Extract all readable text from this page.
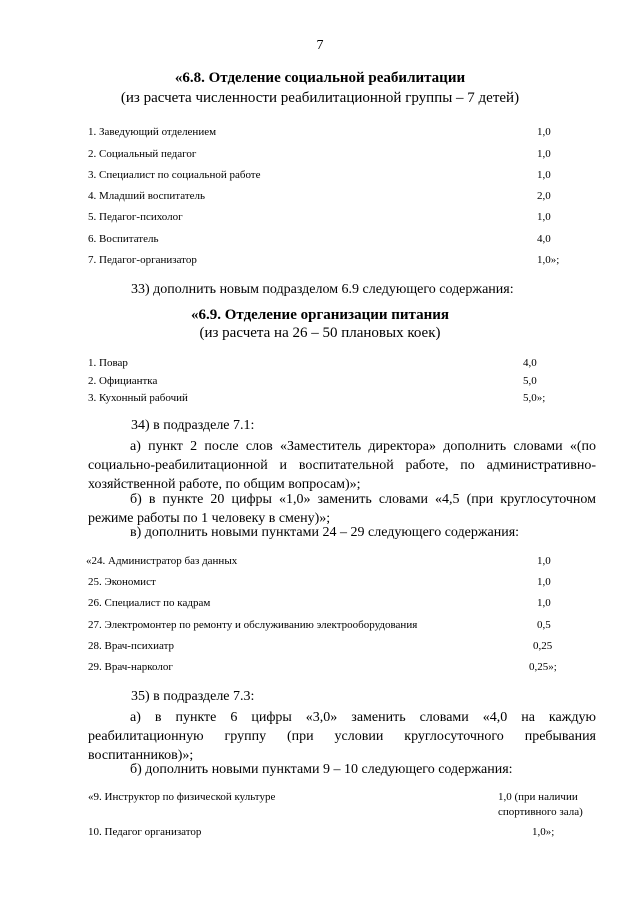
7
«6.8. Отделение социальной реабилитации
(из расчета численности реабилитационной группы – 7 детей)
1. Заведующий отделением	1,0
2. Социальный педагог	1,0
3. Специалист по социальной работе	1,0
4. Младший воспитатель	2,0
5. Педагог-психолог	1,0
6. Воспитатель	4,0
7. Педагог-организатор	1,0»;
33) дополнить новым подразделом 6.9 следующего содержания:
«6.9. Отделение организации питания
(из расчета на 26 – 50 плановых коек)
1. Повар	4,0
2. Официантка	5,0
3. Кухонный рабочий	5,0»;
34) в подразделе 7.1:
а) пункт 2 после слов «Заместитель директора» дополнить словами «(по социально-реабилитационной и воспитательной работе, по административно-хозяйственной работе, по общим вопросам)»;
б) в пункте 20 цифры «1,0» заменить словами «4,5 (при круглосуточном режиме работы по 1 человеку в смену)»;
в) дополнить новыми пунктами 24 – 29 следующего содержания:
«24. Администратор баз данных	1,0
25. Экономист	1,0
26. Специалист по кадрам	1,0
27. Электромонтер по ремонту и обслуживанию электрооборудования	0,5
28. Врач-психиатр	0,25
29. Врач-нарколог	0,25»;
35) в подразделе 7.3:
а) в пункте 6 цифры «3,0» заменить словами «4,0 на каждую реабилитационную группу (при условии круглосуточного пребывания воспитанников)»;
б) дополнить новыми пунктами 9 – 10 следующего содержания:
«9. Инструктор по физической культуре	1,0 (при наличии
спортивного зала)
10. Педагог организатор	1,0»;
